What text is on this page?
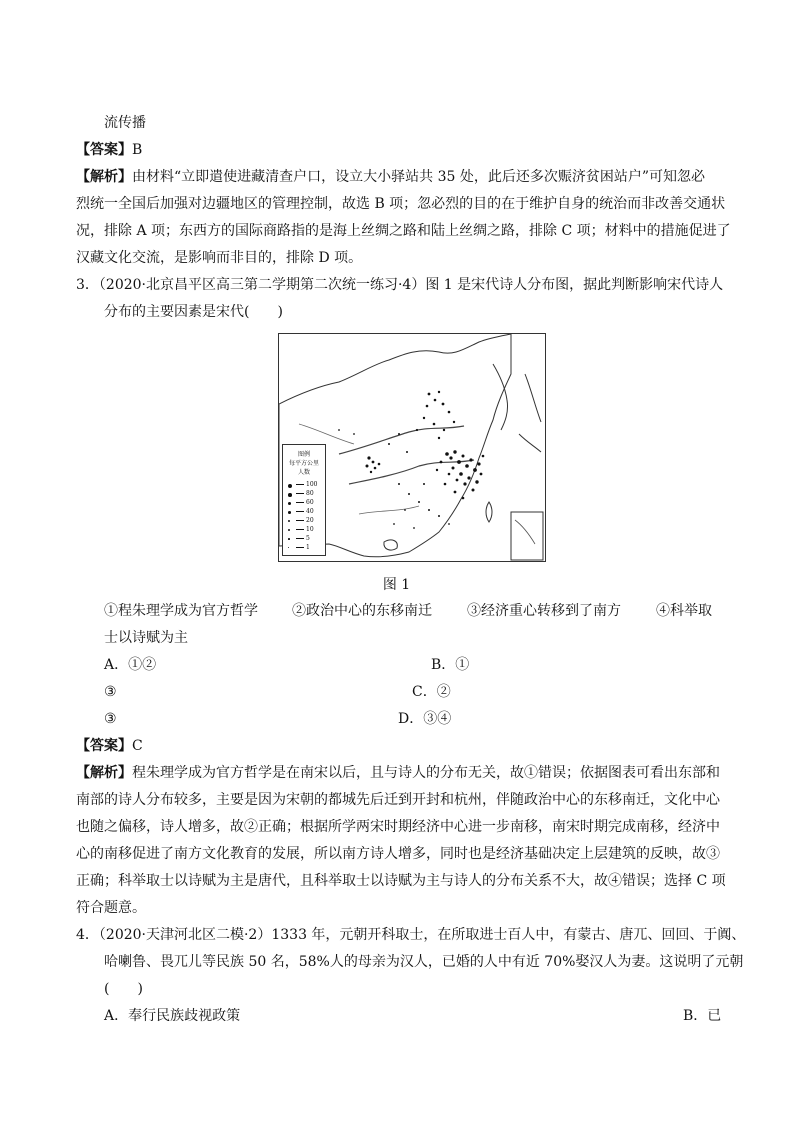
流传播
【答案】B
【解析】由材料“立即遣使进藏清查户口，设立大小驿站共 35 处，此后还多次赈济贫困站户”可知忽必
烈统一全国后加强对边疆地区的管理控制，故选 B 项；忽必烈的目的在于维护自身的统治而非改善交通状
况，排除 A 项；东西方的国际商路指的是海上丝绸之路和陆上丝绸之路，排除 C 项；材料中的措施促进了
汉藏文化交流，是影响而非目的，排除 D 项。
3．（2020·北京昌平区高三第二学期第二次统一练习·4）图 1 是宋代诗人分布图，据此判断影响宋代诗人
分布的主要因素是宋代(　　)
图例
每平方公里
人数
100
80
60
40
20
10
5
1
图 1
①程朱理学成为官方哲学 ②政治中心的东移南迁	③经济重心转移到了南方	④科举取
士以诗赋为主
A．①②	B．①
③	C．②
③	D．③④
【答案】C
【解析】程朱理学成为官方哲学是在南宋以后，且与诗人的分布无关，故①错误；依据图表可看出东部和
南部的诗人分布较多，主要是因为宋朝的都城先后迁到开封和杭州，伴随政治中心的东移南迁，文化中心
也随之偏移，诗人增多，故②正确；根据所学两宋时期经济中心进一步南移，南宋时期完成南移，经济中
心的南移促进了南方文化教育的发展，所以南方诗人增多，同时也是经济基础决定上层建筑的反映，故③
正确；科举取士以诗赋为主是唐代，且科举取士以诗赋为主与诗人的分布关系不大，故④错误；选择 C 项
符合题意。
4．（2020·天津河北区二模·2）1333 年，元朝开科取士，在所取进士百人中，有蒙古、唐兀、回回、于阗、
哈喇鲁、畏兀儿等民族 50 名，58%人的母亲为汉人，已婚的人中有近 70%娶汉人为妻。这说明了元朝
(　　)
A．奉行民族歧视政策	B．已
